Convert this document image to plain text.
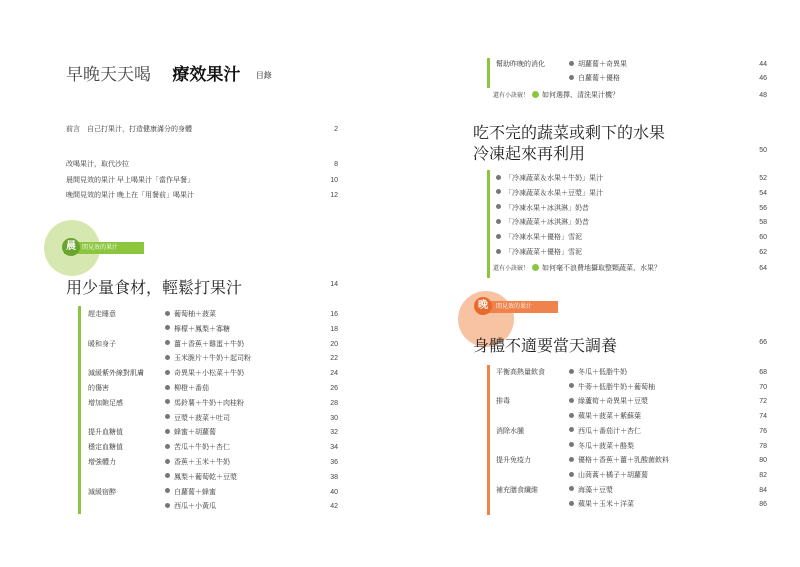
早晚天天喝 療效果汁 目錄
前言　自己打果汁，打造健康滿分的身體	2
改喝果汁，取代沙拉	8
晨間見效的果汁 早上喝果汁「當作早餐」	10
晚間見效的果汁 晚上在「用餐前」喝果汁	12
晨	間見效的果汁
用少量食材，輕鬆打果汁	14
趕走睡意	葡萄柚＋菠菜	16
檸檬＋鳳梨＋寡糖	18
暖和身子	薑＋香蕉＋雞蛋＋牛奶	20
玉米脆片＋牛奶＋起司粉	22
減緩紫外線對肌膚	奇異果＋小松菜＋牛奶	24
的傷害	柳橙＋番茄	26
增加飽足感	馬鈴薯＋牛奶＋肉桂粉	28
豆漿＋菠菜＋吐司	30
提升血糖值	蜂蜜＋胡蘿蔔	32
穩定血糖值	苦瓜＋牛奶＋杏仁	34
增強體力	香蕉＋玉米＋牛奶	36
鳳梨＋葡萄乾＋豆漿	38
減緩宿醉	白蘿蔔＋蜂蜜	40
西瓜＋小黃瓜	42
幫助昨晚的消化	胡蘿蔔＋奇異果	44
白蘿蔔＋優格	46
還有小訣竅！ 如何選擇、清洗果汁機？	48
吃不完的蔬菜或剩下的水果
冷凍起來再利用	50
「冷凍蔬菜＆水果＋牛奶」果汁	52
「冷凍蔬菜＆水果＋豆漿」果汁	54
「冷凍水果＋冰淇淋」奶昔	56
「冷凍蔬菜＋冰淇淋」奶昔	58
「冷凍水果＋優格」雪泥	60
「冷凍蔬菜＋優格」雪泥	62
還有小訣竅！ 如何毫不浪費地攝取整顆蔬菜、水果？	64
晚	間見效的果汁
身體不適要當天調養	66
平衡高熱量飲食	冬瓜＋低脂牛奶	68
牛蒡＋低脂牛奶＋葡萄柚	70
排毒	綠蘆筍＋奇異果＋豆漿	72
蘋果＋菠菜＋紫蘇葉	74
消除水腫	西瓜＋番茄汁＋杏仁	76
冬瓜＋菠菜＋酪梨	78
提升免疫力	優格＋香蕉＋薑＋乳酸菌飲料	80
山茼蒿＋橘子＋胡蘿蔔	82
補充膳食纖維	海藻＋豆漿	84
蘋果＋玉米＋洋菜	86
